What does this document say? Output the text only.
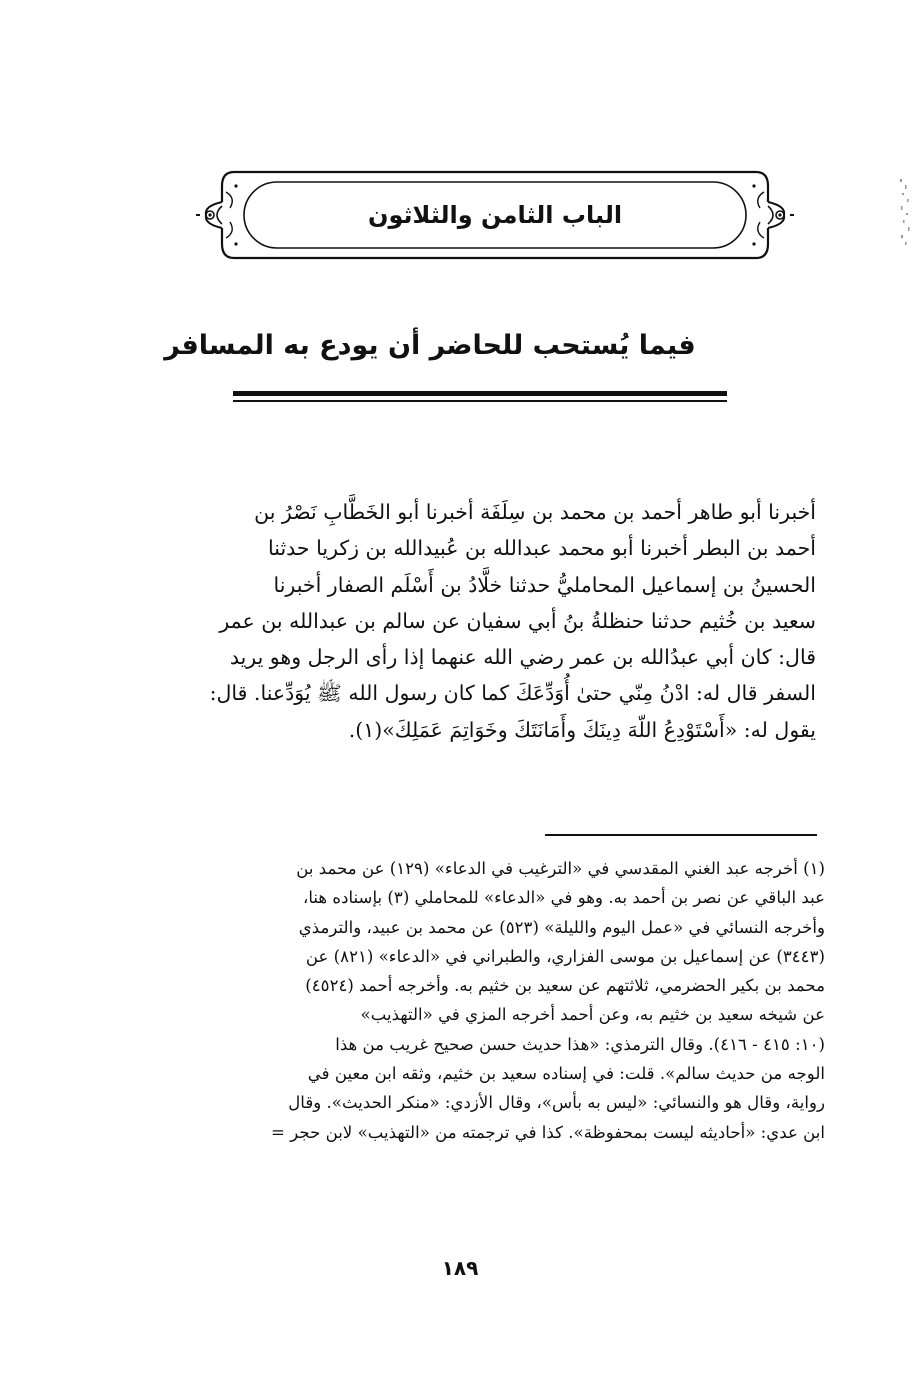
الباب الثامن والثلاثون
فيما يُستحب للحاضر أن يودع به المسافر
أخبرنا أبو طاهر أحمد بن محمد بن سِلَفَة أخبرنا أبو الخَطَّابِ نَصْرُ بن
أحمد بن البطر أخبرنا أبو محمد عبدالله بن عُبيدالله بن زكريا حدثنا
الحسينُ بن إسماعيل المحامليُّ حدثنا خلَّادُ بن أَسْلَم الصفار أخبرنا
سعيد بن خُثيم حدثنا حنظلةُ بنُ أبي سفيان عن سالم بن عبدالله بن عمر
قال: كان أبي عبدُالله بن عمر رضي الله عنهما إذا رأى الرجل وهو يريد
السفر قال له: ادْنُ مِنّي حتىٰ أُوَدِّعَكَ كما كان رسول الله ﷺ يُوَدِّعنا. قال:
يقول له: «أَسْتَوْدِعُ اللّهَ دِينَكَ وأَمَانَتَكَ وخَوَاتِمَ عَمَلِكَ»(١).
(١) أخرجه عبد الغني المقدسي في «الترغيب في الدعاء» (١٢٩) عن محمد بن
عبد الباقي عن نصر بن أحمد به. وهو في «الدعاء» للمحاملي (٣) بإسناده هنا،
وأخرجه النسائي في «عمل اليوم والليلة» (٥٢٣) عن محمد بن عبيد، والترمذي
(٣٤٤٣) عن إسماعيل بن موسى الفزاري، والطبراني في «الدعاء» (٨٢١) عن
محمد بن بكير الحضرمي، ثلاثتهم عن سعيد بن خثيم به. وأخرجه أحمد (٤٥٢٤)
عن شيخه سعيد بن خثيم به، وعن أحمد أخرجه المزي في «التهذيب»
(١٠: ٤١٥ - ٤١٦). وقال الترمذي: «هذا حديث حسن صحيح غريب من هذا
الوجه من حديث سالم». قلت: في إسناده سعيد بن خثيم، وثقه ابن معين في
رواية، وقال هو والنسائي: «ليس به بأس»، وقال الأزدي: «منكر الحديث». وقال
ابن عدي: «أحاديثه ليست بمحفوظة». كذا في ترجمته من «التهذيب» لابن حجر =
١٨٩
